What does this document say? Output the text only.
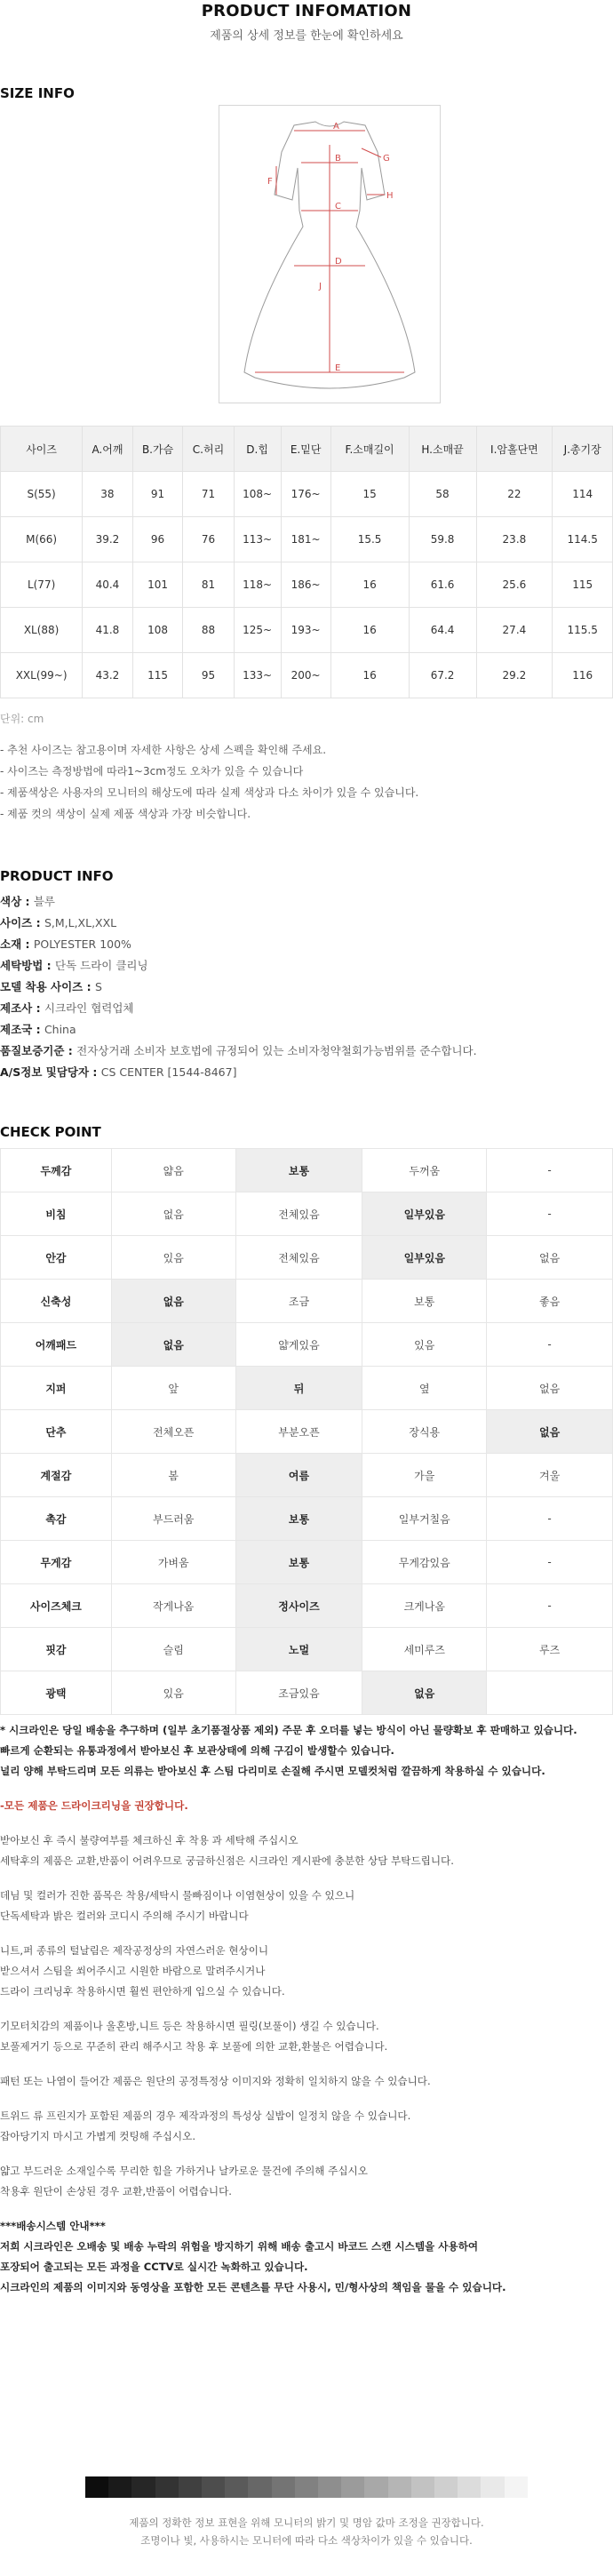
PRODUCT INFOMATION
제품의 상세 정보를 한눈에 확인하세요
SIZE INFO
A
B
C
D
E
F
G
H
J
사이즈	A.어깨	B.가슴	C.허리	D.힙	E.밑단	F.소매길이	H.소매끝	I.암홀단면	J.총기장
S(55)	38	91	71	108~	176~	15	58	22	114
M(66)	39.2	96	76	113~	181~	15.5	59.8	23.8	114.5
L(77)	40.4	101	81	118~	186~	16	61.6	25.6	115
XL(88)	41.8	108	88	125~	193~	16	64.4	27.4	115.5
XXL(99~)	43.2	115	95	133~	200~	16	67.2	29.2	116
단위: cm
- 추천 사이즈는 참고용이며 자세한 사항은 상세 스펙을 확인해 주세요.
- 사이즈는 측정방법에 따라1~3cm정도 오차가 있을 수 있습니다
- 제품색상은 사용자의 모니터의 해상도에 따라 실제 색상과 다소 차이가 있을 수 있습니다.
- 제품 컷의 색상이 실제 제품 색상과 가장 비슷합니다.
PRODUCT INFO
색상 : 블루
사이즈 : S,M,L,XL,XXL
소재 : POLYESTER 100%
세탁방법 : 단독 드라이 클리닝
모델 착용 사이즈 : S
제조사 : 시크라인 협력업체
제조국 : China
품질보증기준 : 전자상거래 소비자 보호법에 규정되어 있는 소비자청약철회가능범위를 준수합니다.
A/S정보 및담당자 : CS CENTER [1544-8467]
CHECK POINT
두께감	얇음	보통	두꺼움	-
비침	없음	전체있음	일부있음	-
안감	있음	전체있음	일부있음	없음
신축성	없음	조금	보통	좋음
어깨패드	없음	얇게있음	있음	-
지퍼	앞	뒤	옆	없음
단추	전체오픈	부분오픈	장식용	없음
계절감	봄	여름	가을	겨울
촉감	부드러움	보통	일부거칠음	-
무게감	가벼움	보통	무게감있음	-
사이즈체크	작게나옴	정사이즈	크게나옴	-
핏감	슬림	노멀	세미루즈	루즈
광택	있음	조금있음	없음	
* 시크라인은 당일 배송을 추구하며 (일부 초기품절상품 제외) 주문 후 오더를 넣는 방식이 아닌 물량확보 후 판매하고 있습니다.
빠르게 순환되는 유통과정에서 받아보신 후 보관상태에 의해 구김이 발생할수 있습니다.
널리 양해 부탁드리며 모든 의류는 받아보신 후 스팀 다리미로 손질해 주시면 모델컷처럼 깔끔하게 착용하실 수 있습니다.
-모든 제품은 드라이크리닝을 권장합니다.
받아보신 후 즉시 불량여부를 체크하신 후 착용 과 세탁해 주십시오
세탁후의 제품은 교환,반품이 어려우므로 궁금하신점은 시크라인 게시판에 충분한 상담 부탁드립니다.
데님 및 컬러가 진한 품목은 착용/세탁시 물빠짐이나 이염현상이 있을 수 있으니
단독세탁과 밝은 컬러와 코디시 주의해 주시기 바랍니다
니트,퍼 종류의 털날림은 제작공정상의 자연스러운 현상이니
받으셔서 스팀을 쐬어주시고 시원한 바람으로 말려주시거나
드라이 크리닝후 착용하시면 훨씬 편안하게 입으실 수 있습니다.
기모터치감의 제품이나 울혼방,니트 등은 착용하시면 필링(보풀이) 생길 수 있습니다.
보풀제거기 등으로 꾸준히 관리 해주시고 착용 후 보풀에 의한 교환,환불은 어렵습니다.
패턴 또는 나염이 들어간 제품은 원단의 공정특정상 이미지와 정확히 일치하지 않을 수 있습니다.
트위드 류 프린지가 포함된 제품의 경우 제작과정의 특성상 실밥이 일정치 않을 수 있습니다.
잡아당기지 마시고 가볍게 컷팅해 주십시오.
얇고 부드러운 소재일수록 무리한 힘을 가하거나 날카로운 물건에 주의해 주십시오
착용후 원단이 손상된 경우 교환,반품이 어렵습니다.
***배송시스템 안내***
저희 시크라인은 오배송 및 배송 누락의 위험을 방지하기 위해 배송 출고시 바코드 스캔 시스템을 사용하여
포장되어 출고되는 모든 과정을 CCTV로 실시간 녹화하고 있습니다.
시크라인의 제품의 이미지와 동영상을 포함한 모든 콘텐츠를 무단 사용시, 민/형사상의 책임을 물을 수 있습니다.
제품의 정확한 정보 표현을 위해 모니터의 밝기 및 명암 값마 조정을 권장합니다.
조명이나 빛, 사용하시는 모니터에 따라 다소 색상차이가 있을 수 있습니다.
